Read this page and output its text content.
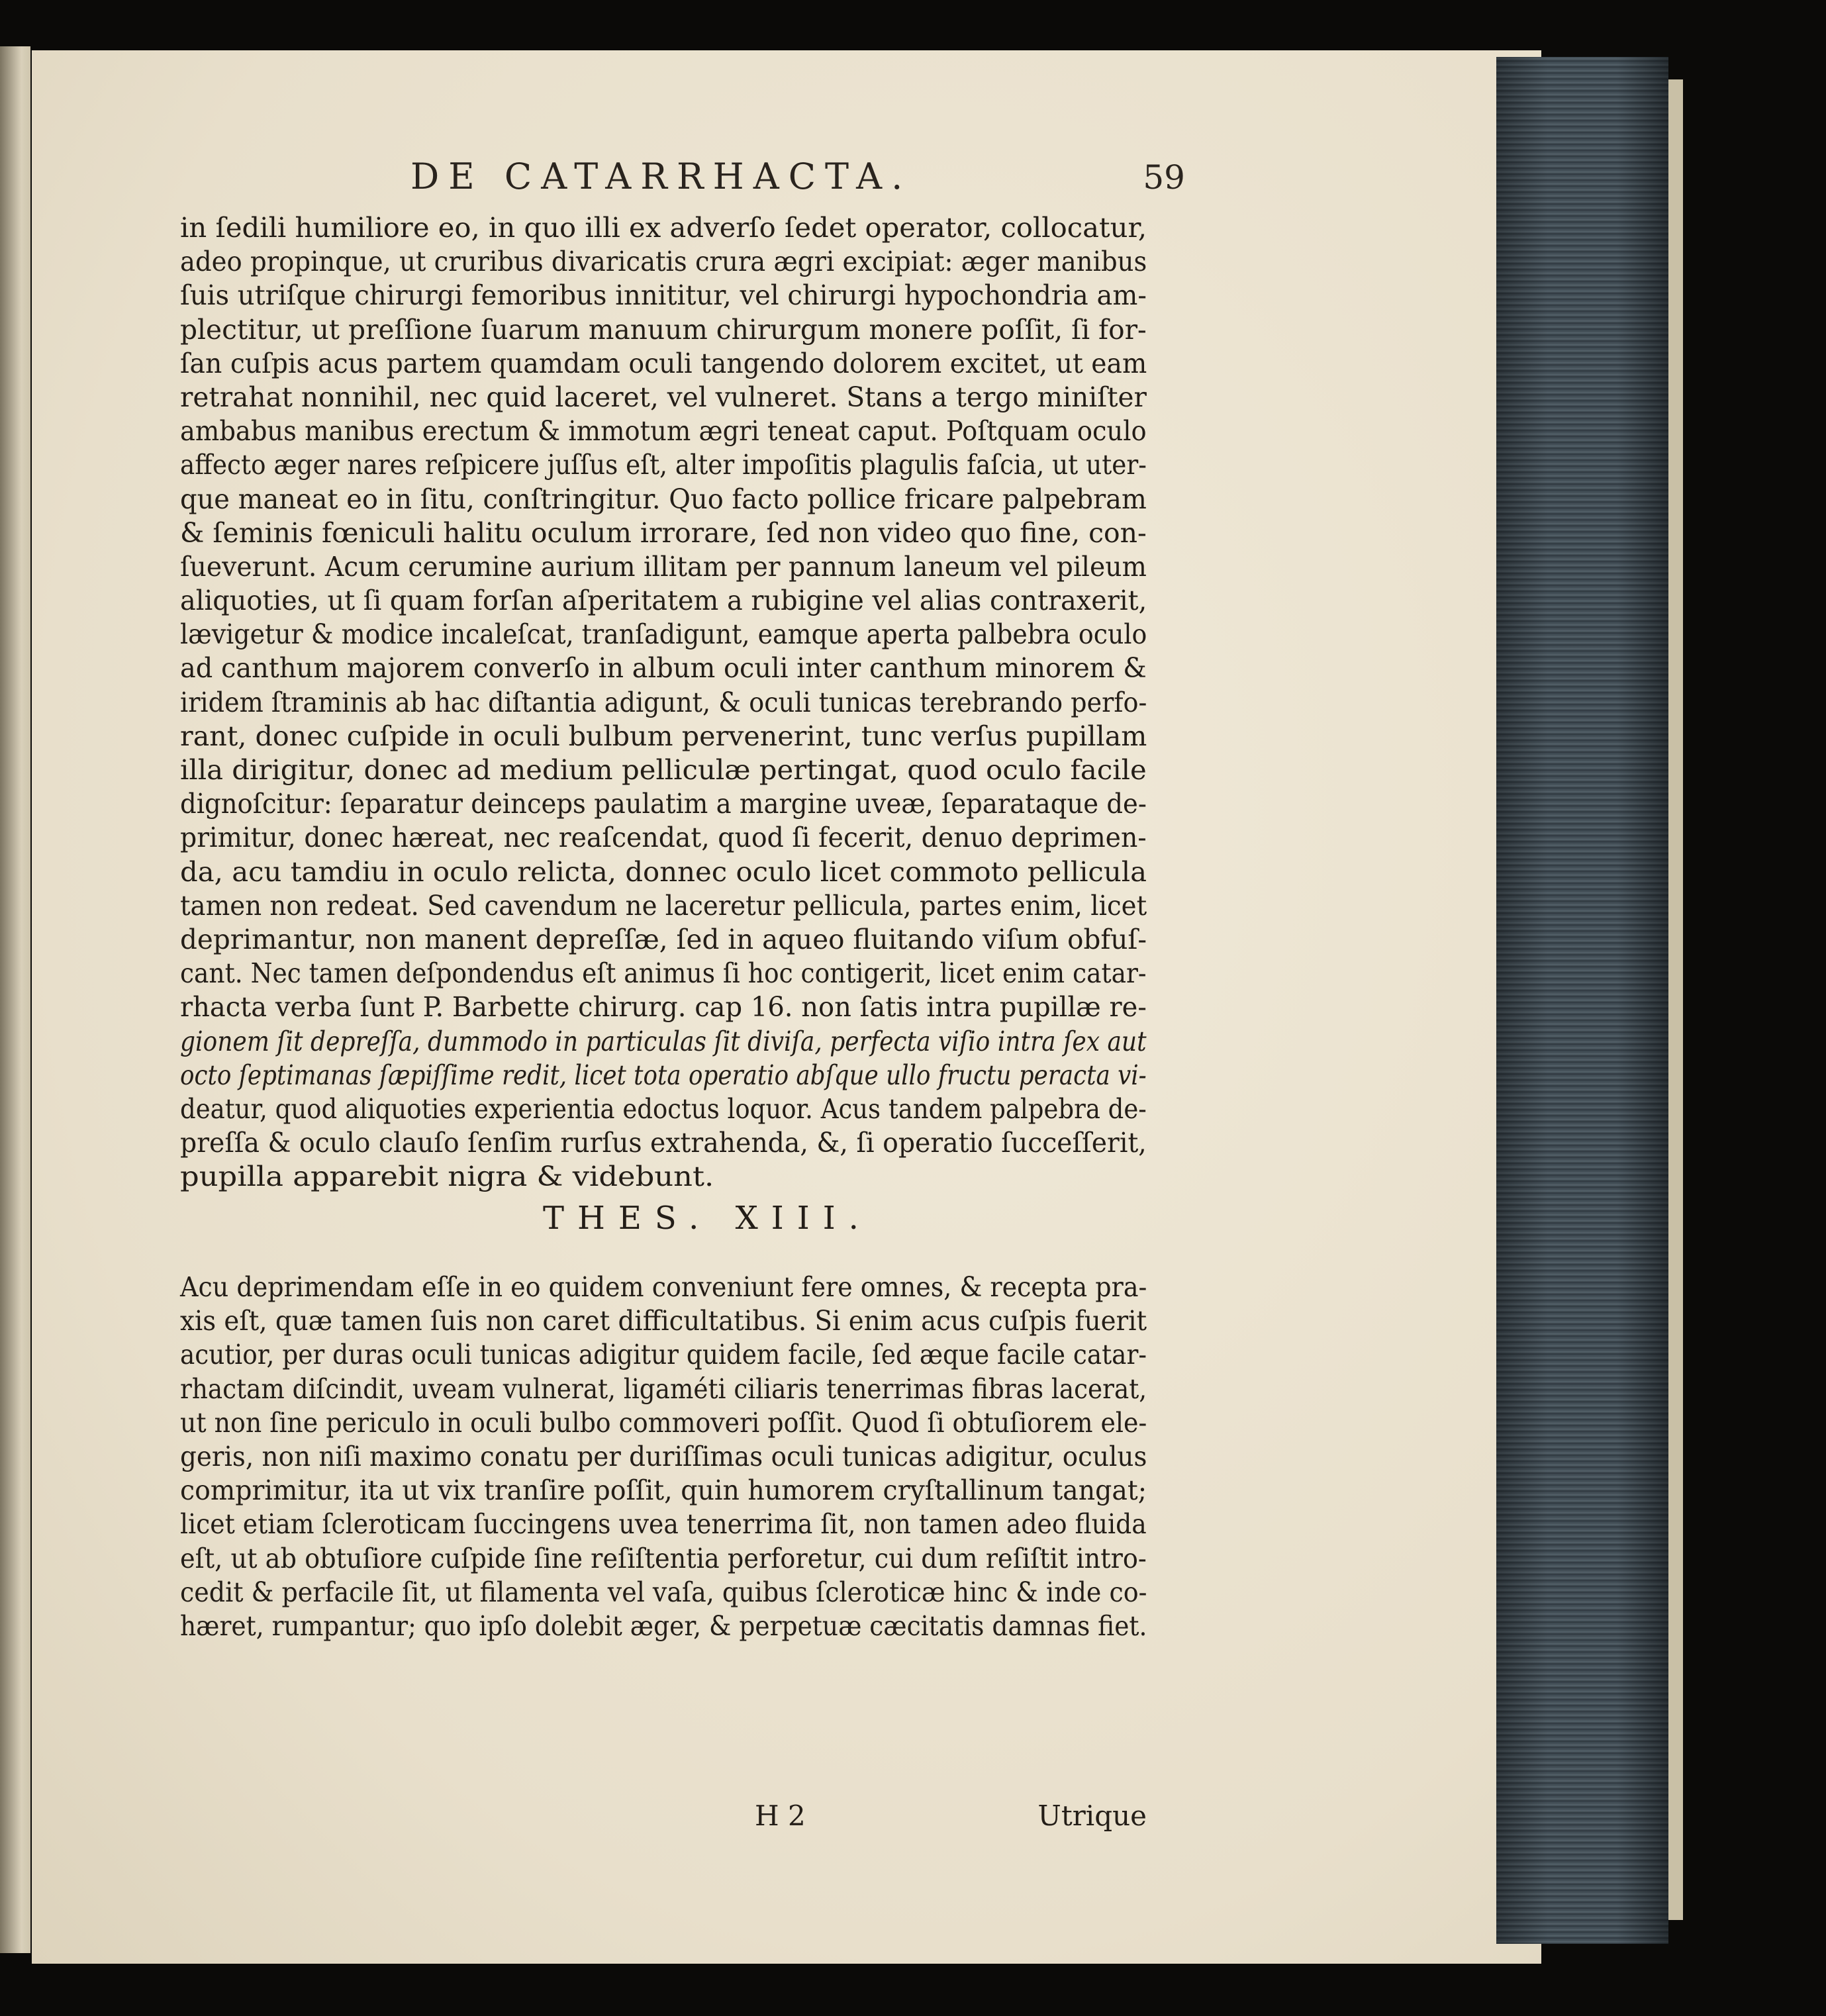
DE CATARRHACTA.	59
in ſedili humiliore eo, in quo illi ex adverſo ſedet operator, collocatur,
adeo propinque, ut cruribus divaricatis crura ægri excipiat: æger manibus
ſuis utriſque chirurgi femoribus innititur, vel chirurgi hypochondria am-
plectitur, ut preſſione ſuarum manuum chirurgum monere poſſit, ſi for-
ſan cuſpis acus partem quamdam oculi tangendo dolorem excitet, ut eam
retrahat nonnihil, nec quid laceret, vel vulneret. Stans a tergo miniſter
ambabus manibus erectum & immotum ægri teneat caput. Poſtquam oculo
affecto æger nares reſpicere juſſus eſt, alter impoſitis plagulis faſcia, ut uter-
que maneat eo in ſitu, conſtringitur. Quo facto pollice fricare palpebram
& ſeminis fœniculi halitu oculum irrorare, ſed non video quo fine, con-
ſueverunt. Acum cerumine aurium illitam per pannum laneum vel pileum
aliquoties, ut ſi quam forſan aſperitatem a rubigine vel alias contraxerit,
lævigetur & modice incaleſcat, tranſadigunt, eamque aperta palbebra oculo
ad canthum majorem converſo in album oculi inter canthum minorem &
iridem ſtraminis ab hac diſtantia adigunt, & oculi tunicas terebrando perfo-
rant, donec cuſpide in oculi bulbum pervenerint, tunc verſus pupillam
illa dirigitur, donec ad medium pelliculæ pertingat, quod oculo facile
dignoſcitur: ſeparatur deinceps paulatim a margine uveæ, ſeparataque de-
primitur, donec hæreat, nec reaſcendat, quod ſi fecerit, denuo deprimen-
da, acu tamdiu in oculo relicta, donnec oculo licet commoto pellicula
tamen non redeat. Sed cavendum ne laceretur pellicula, partes enim, licet
deprimantur, non manent depreſſæ, ſed in aqueo fluitando viſum obfuſ-
cant. Nec tamen deſpondendus eſt animus ſi hoc contigerit, licet enim catar-
rhacta verba ſunt P. Barbette chirurg. cap 16. non ſatis intra pupillæ re-
gionem ſit depreſſa, dummodo in particulas ſit diviſa, perfecta viſio intra ſex aut
octo ſeptimanas ſæpiſſime redit, licet tota operatio abſque ullo fructu peracta vi-
deatur, quod aliquoties experientia edoctus loquor. Acus tandem palpebra de-
preſſa & oculo clauſo ſenſim rurſus extrahenda, &, ſi operatio ſucceſſerit,
pupilla apparebit nigra & videbunt.
THES. XIII.
Acu deprimendam eſſe in eo quidem conveniunt fere omnes, & recepta pra-
xis eſt, quæ tamen ſuis non caret difficultatibus. Si enim acus cuſpis fuerit
acutior, per duras oculi tunicas adigitur quidem facile, ſed æque facile catar-
rhactam diſcindit, uveam vulnerat, ligaméti ciliaris tenerrimas fibras lacerat,
ut non ſine periculo in oculi bulbo commoveri poſſit. Quod ſi obtuſiorem ele-
geris, non niſi maximo conatu per duriſſimas oculi tunicas adigitur, oculus
comprimitur, ita ut vix tranſire poſſit, quin humorem cryſtallinum tangat;
licet etiam ſcleroticam ſuccingens uvea tenerrima ſit, non tamen adeo fluida
eſt, ut ab obtuſiore cuſpide ſine reſiſtentia perforetur, cui dum reſiſtit intro-
cedit & perfacile ſit, ut filamenta vel vaſa, quibus ſcleroticæ hinc & inde co-
hæret, rumpantur; quo ipſo dolebit æger, & perpetuæ cæcitatis damnas fiet.
H 2	Utrique
